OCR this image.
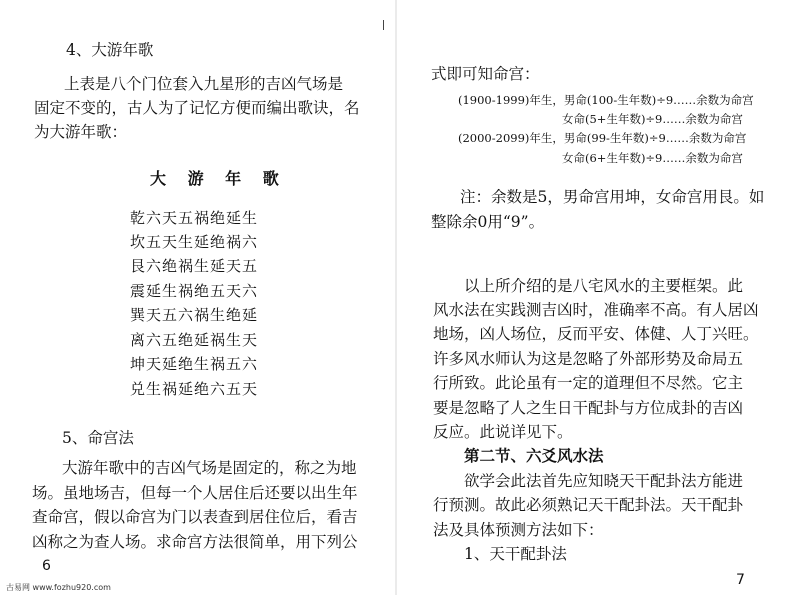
4、大游年歌
上表是八个门位套入九星形的吉凶气场是
固定不变的，古人为了记忆方便而编出歌诀，名
为大游年歌：
大 游 年 歌
乾六天五祸绝延生
坎五天生延绝祸六
艮六绝祸生延天五
震延生祸绝五天六
巽天五六祸生绝延
离六五绝延祸生天
坤天延绝生祸五六
兑生祸延绝六五天
5、命宫法
大游年歌中的吉凶气场是固定的，称之为地
场。虽地场吉，但每一个人居住后还要以出生年
查命宫，假以命宫为门以表查到居住位后，看吉
凶称之为查人场。求命宫方法很简单，用下列公
6
古易网 www.fozhu920.com
式即可知命宫：
(1900-1999)年生，男命(100-生年数)÷9……余数为命宫
女命(5+生年数)÷9……余数为命宫
(2000-2099)年生，男命(99-生年数)÷9……余数为命宫
女命(6+生年数)÷9……余数为命宫
注：余数是5，男命宫用坤，女命宫用艮。如
整除余0用“9”。
以上所介绍的是八宅风水的主要框架。此
风水法在实践测吉凶时，准确率不高。有人居凶
地场，凶人场位，反而平安、体健、人丁兴旺。
许多风水师认为这是忽略了外部形势及命局五
行所致。此论虽有一定的道理但不尽然。它主
要是忽略了人之生日干配卦与方位成卦的吉凶
反应。此说详见下。
第二节、六爻风水法
欲学会此法首先应知晓天干配卦法方能进
行预测。故此必须熟记天干配卦法。天干配卦
法及具体预测方法如下：
1、天干配卦法
7
